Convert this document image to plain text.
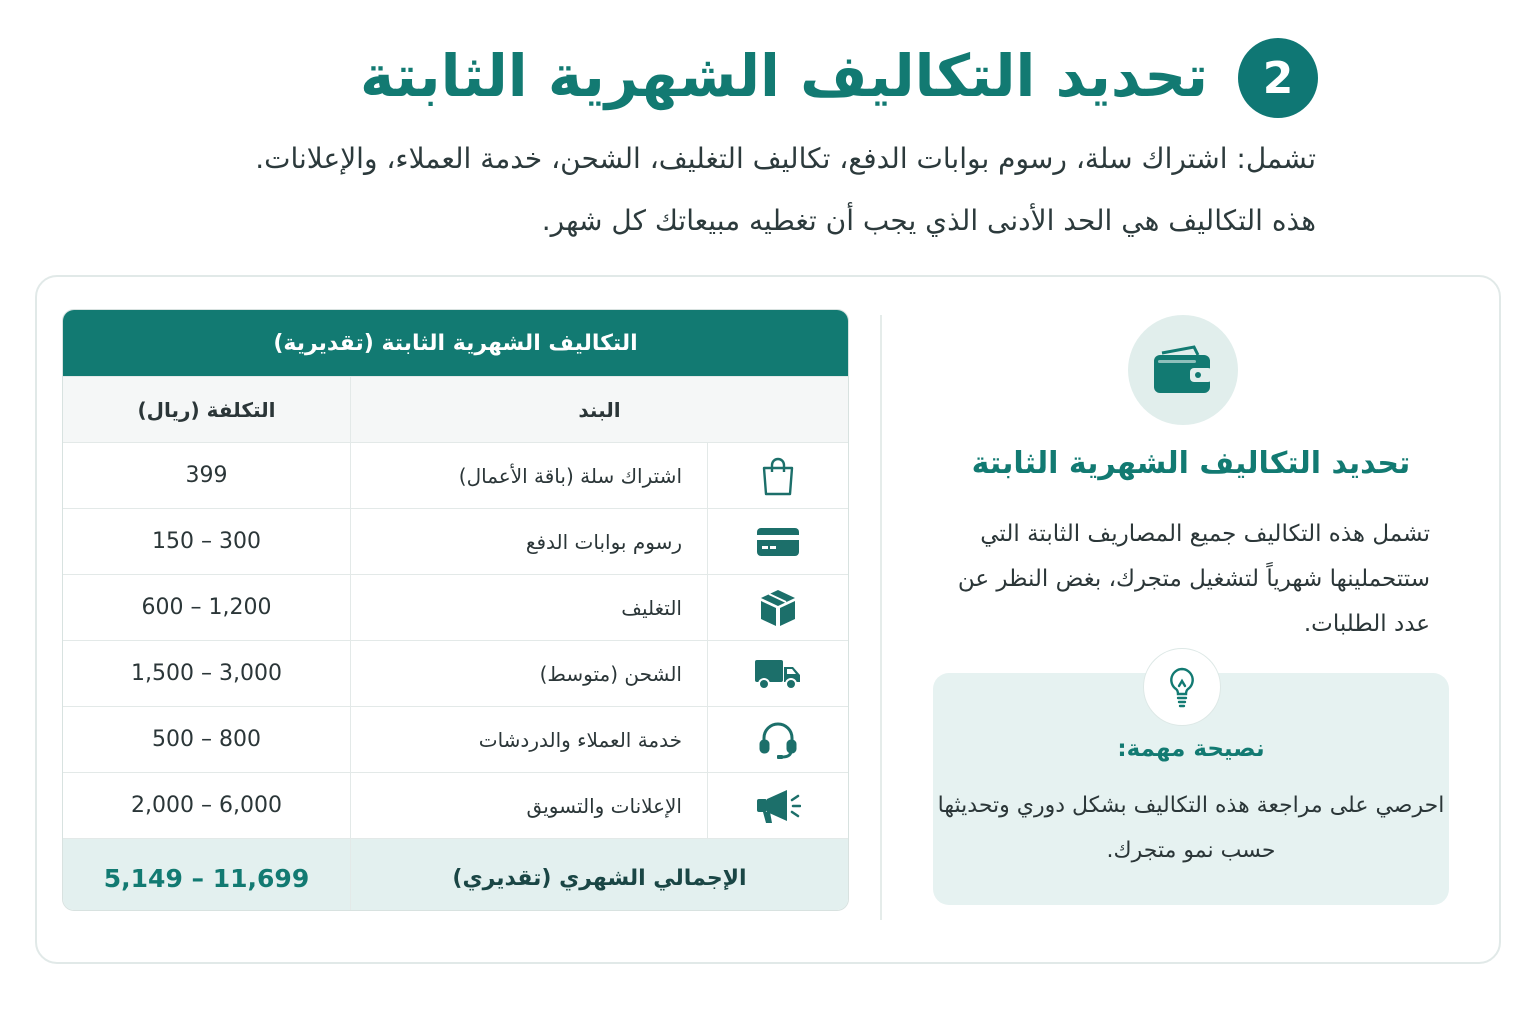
2
تحديد التكاليف الشهرية الثابتة

تشمل: اشتراك سلة، رسوم بوابات الدفع، تكاليف التغليف، الشحن، خدمة العملاء، والإعلانات.

هذه التكاليف هي الحد الأدنى الذي يجب أن تغطيه مبيعاتك كل شهر.

التكاليف الشهرية الثابتة (تقديرية)
البند
التكلفة (ريال)
اشتراك سلة (باقة الأعمال)
399
رسوم بوابات الدفع
150 – 300
التغليف
600 – 1,200
الشحن (متوسط)
1,500 – 3,000
خدمة العملاء والدردشات
500 – 800
الإعلانات والتسويق
2,000 – 6,000
الإجمالي الشهري (تقديري)
5,149 – 11,699
تحديد التكاليف الشهرية الثابتة

تشمل هذه التكاليف جميع المصاريف الثابتة التي ستتحملينها شهرياً لتشغيل متجرك، بغض النظر عن عدد الطلبات.

نصيحة مهمة:

احرصي على مراجعة هذه التكاليف بشكل دوري وتحديثها حسب نمو متجرك.
